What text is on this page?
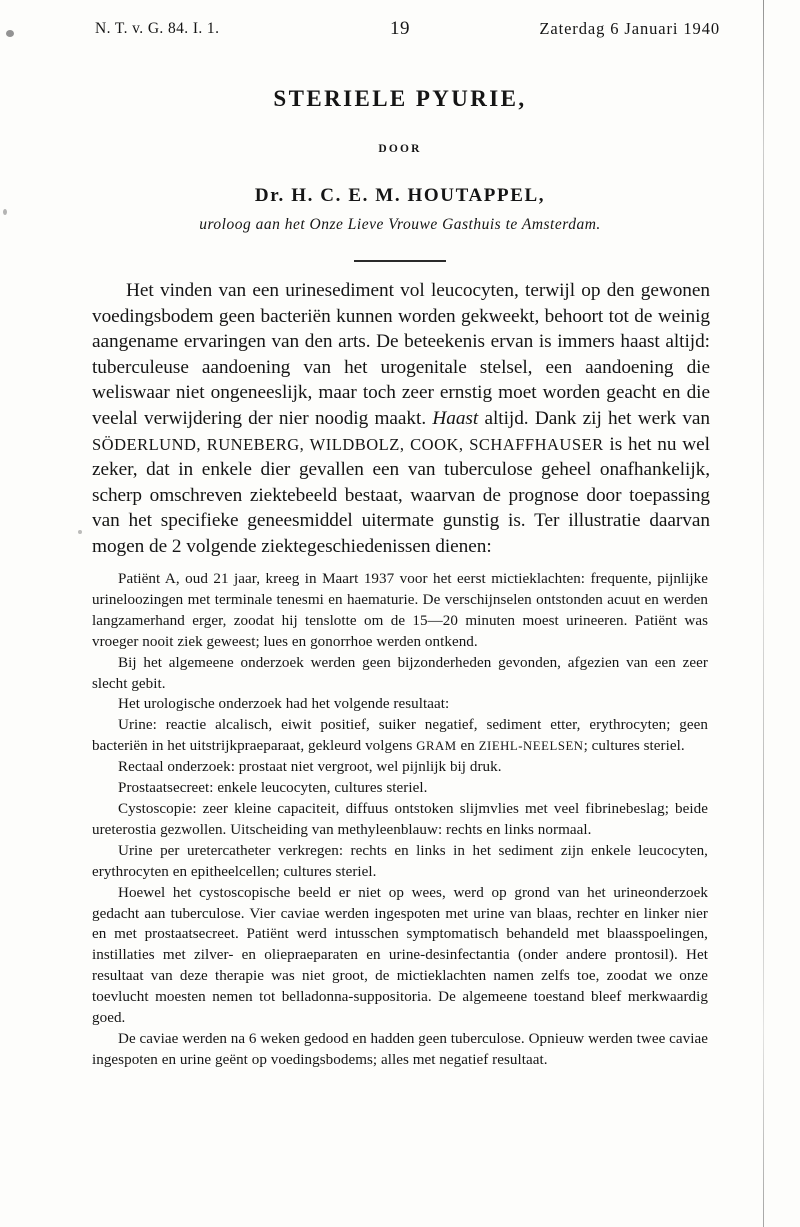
N. T. v. G. 84. I. 1.	19	Zaterdag 6 Januari 1940
STERIELE PYURIE,
DOOR
Dr. H. C. E. M. HOUTAPPEL,
uroloog aan het Onze Lieve Vrouwe Gasthuis te Amsterdam.
Het vinden van een urinesediment vol leucocyten, terwijl op den gewonen voedingsbodem geen bacteriën kunnen worden gekweekt, behoort tot de weinig aangename ervaringen van den arts. De beteekenis ervan is immers haast altijd: tuberculeuse aandoening van het urogenitale stelsel, een aandoening die weliswaar niet ongeneeslijk, maar toch zeer ernstig moet worden geacht en die veelal verwijdering der nier noodig maakt. Haast altijd. Dank zij het werk van SÖDERLUND, RUNEBERG, WILDBOLZ, COOK, SCHAFFHAUSER is het nu wel zeker, dat in enkele dier gevallen een van tuberculose geheel onafhankelijk, scherp omschreven ziektebeeld bestaat, waarvan de prognose door toepassing van het specifieke geneesmiddel uitermate gunstig is. Ter illustratie daarvan mogen de 2 volgende ziektegeschiedenissen dienen:

Patiënt A, oud 21 jaar, kreeg in Maart 1937 voor het eerst mictieklachten: frequente, pijnlijke urineloozingen met terminale tenesmi en haematurie. De verschijnselen ontstonden acuut en werden langzamerhand erger, zoodat hij tenslotte om de 15—20 minuten moest urineeren. Patiënt was vroeger nooit ziek geweest; lues en gonorrhoe werden ontkend.

Bij het algemeene onderzoek werden geen bijzonderheden gevonden, afgezien van een zeer slecht gebit.

Het urologische onderzoek had het volgende resultaat:

Urine: reactie alcalisch, eiwit positief, suiker negatief, sediment etter, erythrocyten; geen bacteriën in het uitstrijkpraeparaat, gekleurd volgens GRAM en ZIEHL-NEELSEN; cultures steriel.

Rectaal onderzoek: prostaat niet vergroot, wel pijnlijk bij druk.

Prostaatsecreet: enkele leucocyten, cultures steriel.

Cystoscopie: zeer kleine capaciteit, diffuus ontstoken slijmvlies met veel fibrinebeslag; beide ureterostia gezwollen. Uitscheiding van methyleenblauw: rechts en links normaal.

Urine per uretercatheter verkregen: rechts en links in het sediment zijn enkele leucocyten, erythrocyten en epitheelcellen; cultures steriel.

Hoewel het cystoscopische beeld er niet op wees, werd op grond van het urineonderzoek gedacht aan tuberculose. Vier caviae werden ingespoten met urine van blaas, rechter en linker nier en met prostaatsecreet. Patiënt werd intusschen symptomatisch behandeld met blaasspoelingen, instillaties met zilver- en oliepraeparaten en urine-desinfectantia (onder andere prontosil). Het resultaat van deze therapie was niet groot, de mictieklachten namen zelfs toe, zoodat we onze toevlucht moesten nemen tot belladonna-suppositoria. De algemeene toestand bleef merkwaardig goed.

De caviae werden na 6 weken gedood en hadden geen tuberculose. Opnieuw werden twee caviae ingespoten en urine geënt op voedingsbodems; alles met negatief resultaat.
